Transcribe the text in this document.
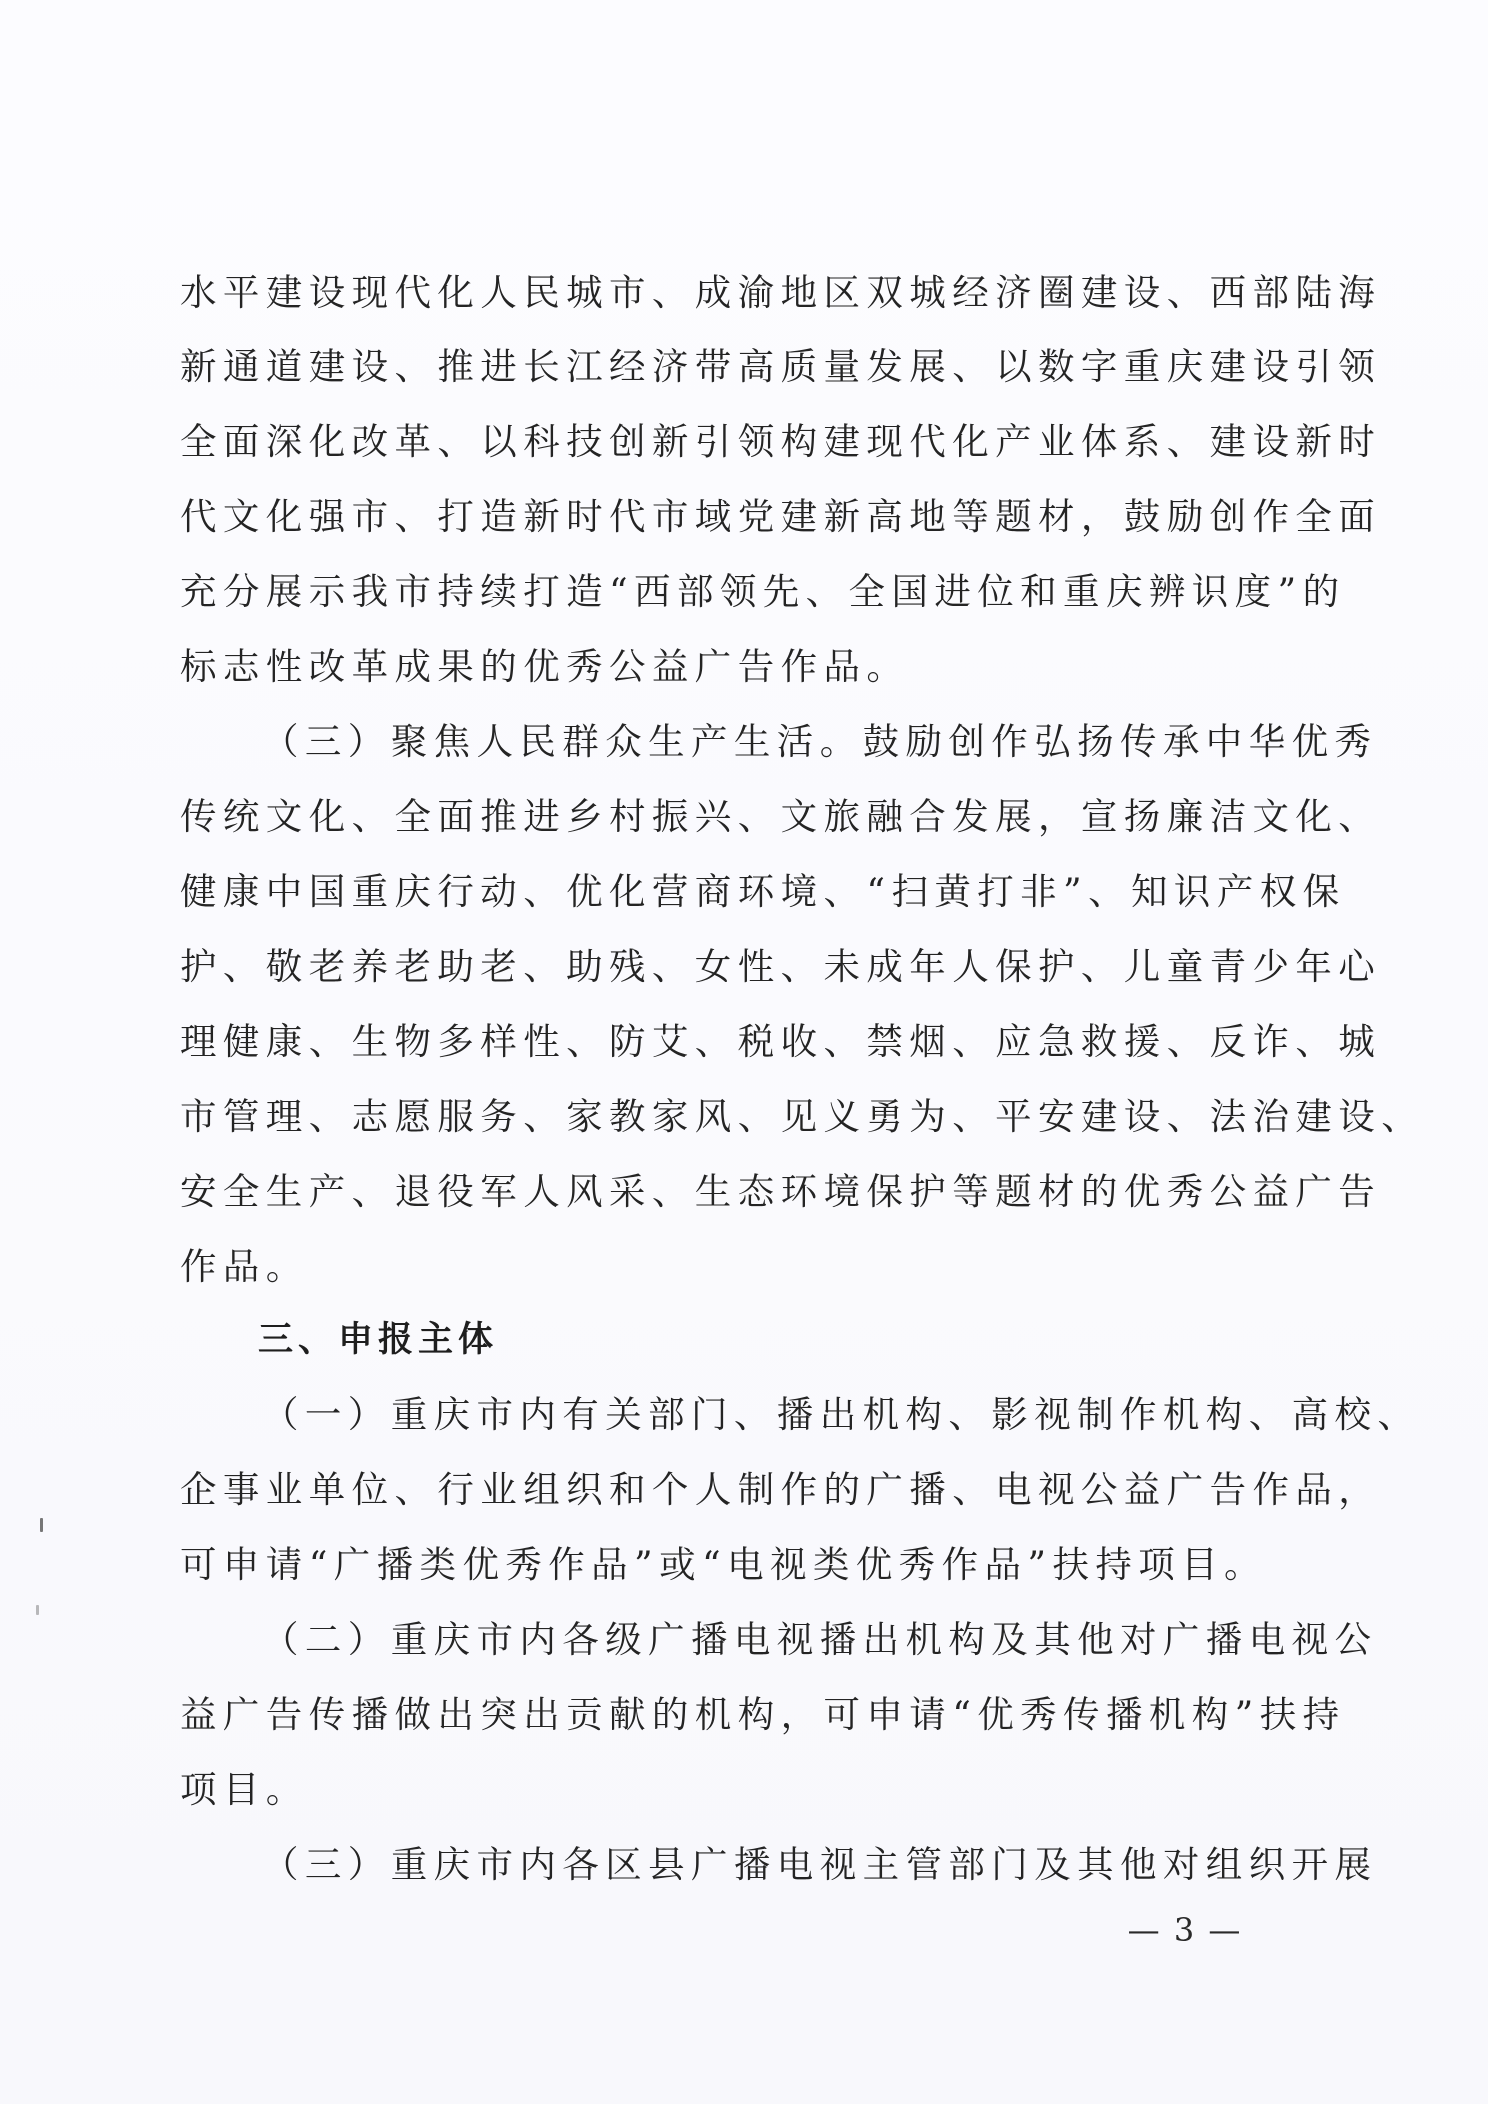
水平建设现代化人民城市、成渝地区双城经济圈建设、西部陆海
新通道建设、推进长江经济带高质量发展、以数字重庆建设引领
全面深化改革、以科技创新引领构建现代化产业体系、建设新时
代文化强市、打造新时代市域党建新高地等题材，鼓励创作全面
充分展示我市持续打造“西部领先、全国进位和重庆辨识度”的
标志性改革成果的优秀公益广告作品。
（三）聚焦人民群众生产生活。鼓励创作弘扬传承中华优秀
传统文化、全面推进乡村振兴、文旅融合发展，宣扬廉洁文化、
健康中国重庆行动、优化营商环境、“扫黄打非”、知识产权保
护、敬老养老助老、助残、女性、未成年人保护、儿童青少年心
理健康、生物多样性、防艾、税收、禁烟、应急救援、反诈、城
市管理、志愿服务、家教家风、见义勇为、平安建设、法治建设、
安全生产、退役军人风采、生态环境保护等题材的优秀公益广告
作品。
三、申报主体
（一）重庆市内有关部门、播出机构、影视制作机构、高校、
企事业单位、行业组织和个人制作的广播、电视公益广告作品，
可申请“广播类优秀作品”或“电视类优秀作品”扶持项目。
（二）重庆市内各级广播电视播出机构及其他对广播电视公
益广告传播做出突出贡献的机构，可申请“优秀传播机构”扶持
项目。
（三）重庆市内各区县广播电视主管部门及其他对组织开展
— 3 —
